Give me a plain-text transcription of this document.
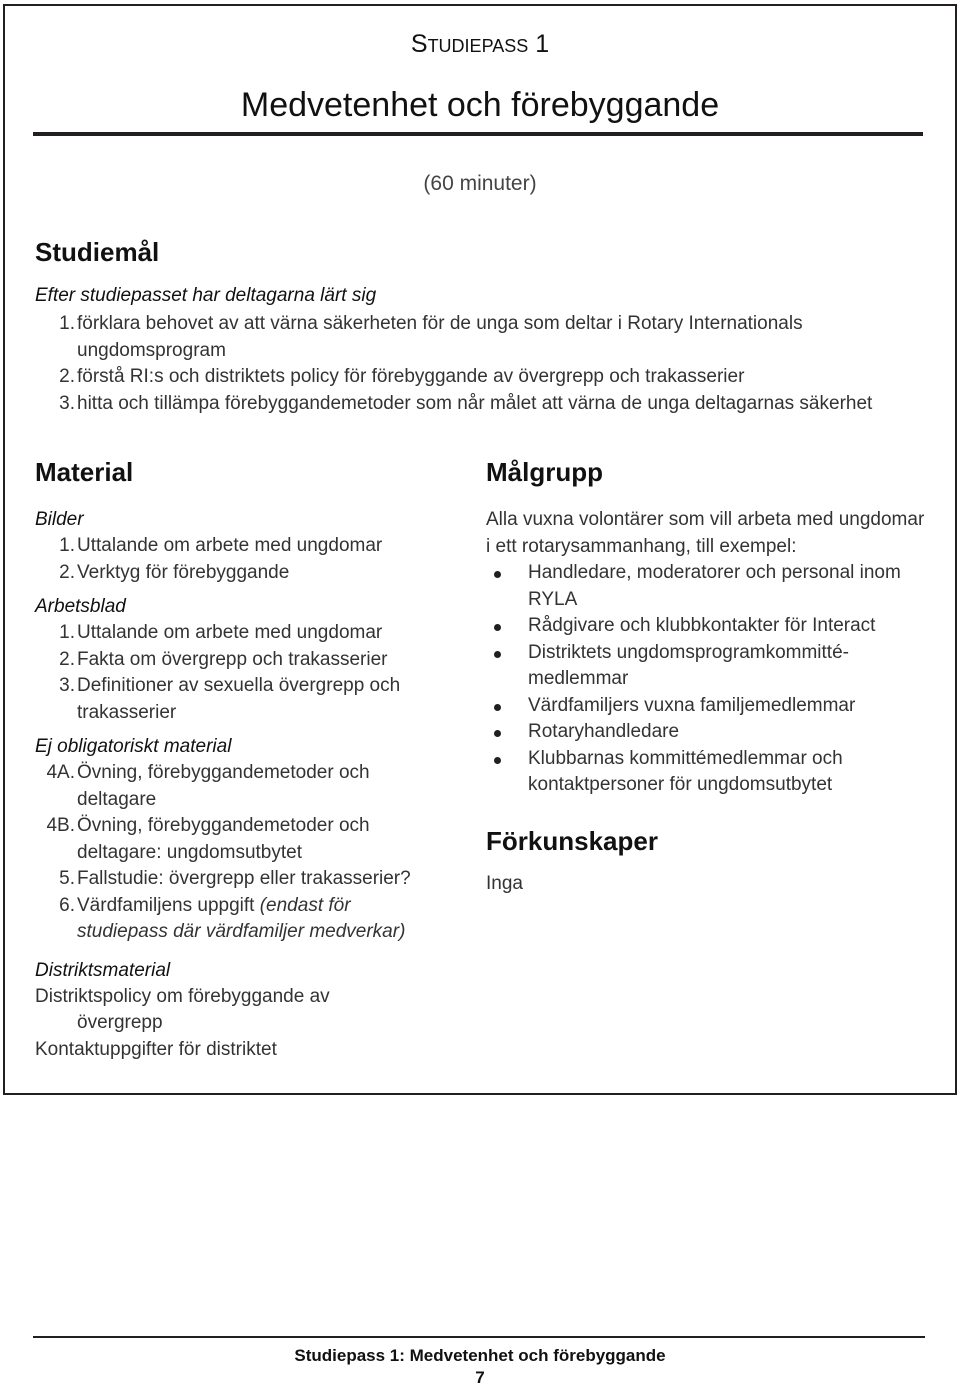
Studiepass 1
Medvetenhet och förebyggande
(60 minuter)
Studiemål

Efter studiepasset har deltagarna lärt sig

1. förklara behovet av att värna säkerheten för de unga som deltar i Rotary Internationals ungdomsprogram
2. förstå RI:s och distriktets policy för förebyggande av övergrepp och trakasserier
3. hitta och tillämpa förebyggandemetoder som når målet att värna de unga deltagarnas säkerhet
Material

Bilder

1. Uttalande om arbete med ungdomar
2. Verktyg för förebyggande

Arbetsblad

1. Uttalande om arbete med ungdomar
2. Fakta om övergrepp och trakasserier
3. Definitioner av sexuella övergrepp och trakasserier

Ej obligatoriskt material

4A. Övning, förebyggandemetoder och deltagare
4B. Övning, förebyggandemetoder och deltagare: ungdomsutbytet
5. Fallstudie: övergrepp eller trakasserier?
6. Värdfamiljens uppgift (endast för studiepass där värdfamiljer medverkar)

Distriktsmaterial

Distriktspolicy om förebyggande av övergrepp
Kontaktuppgifter för distriktet
Målgrupp
Alla vuxna volontärer som vill arbeta med ungdomar i ett rotarysammanhang, till exempel:
Handledare, moderatorer och personal inom RYLA
Rådgivare och klubbkontakter för Interact
Distriktets ungdomsprogramkommittémedlemmar
Värdfamiljers vuxna familjemedlemmar
Rotaryhandledare
Klubbarnas kommittémedlemmar och kontaktpersoner för ungdomsutbytet
Förkunskaper
Inga
Studiepass 1: Medvetenhet och förebyggande
7
